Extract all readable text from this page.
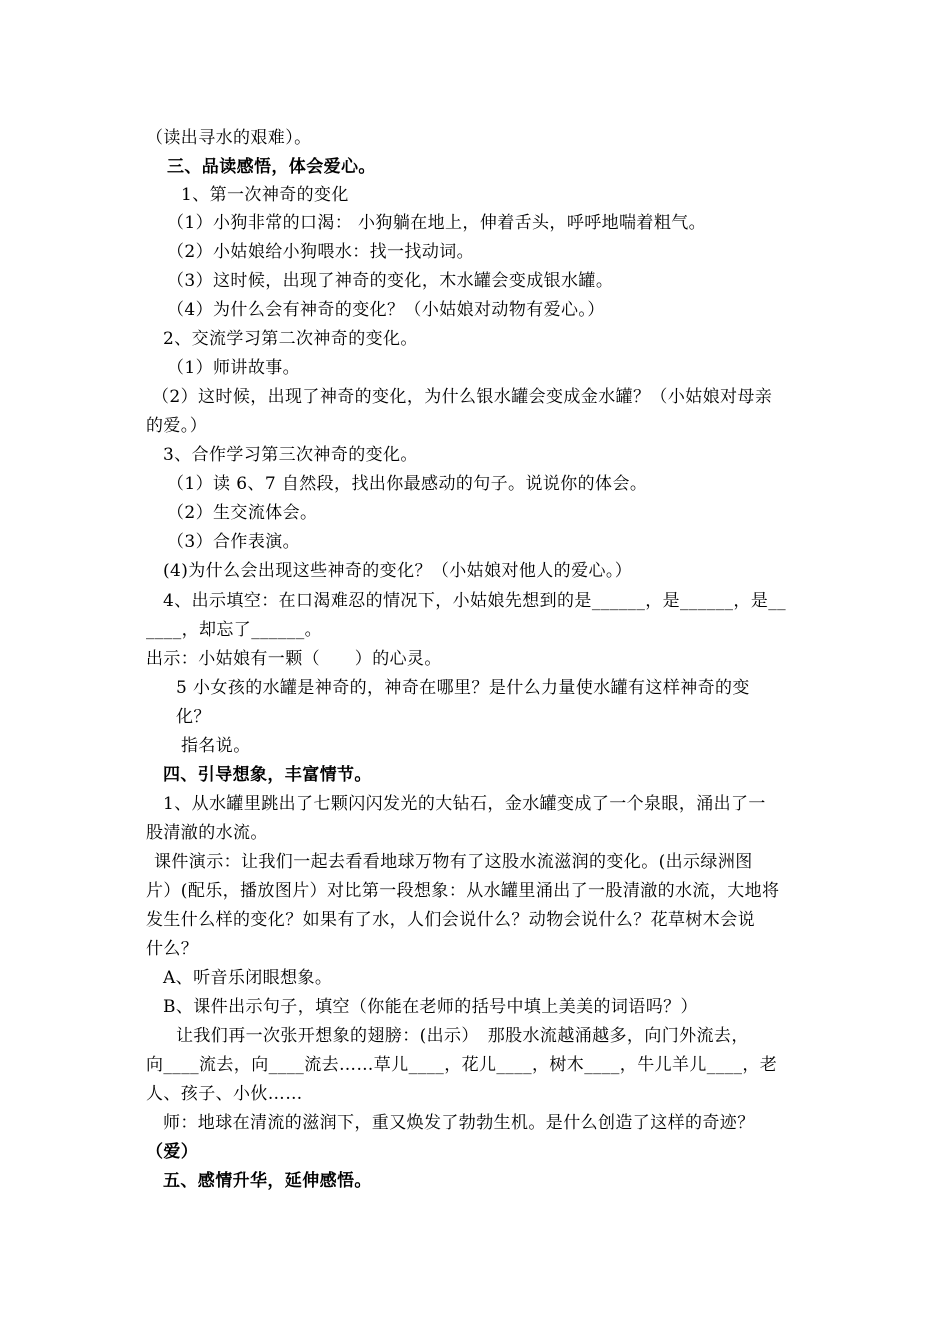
（读出寻水的艰难）。
三、品读感悟，体会爱心。
1、第一次神奇的变化
（1）小狗非常的口渴： 小狗躺在地上，伸着舌头，呼呼地喘着粗气。
（2）小姑娘给小狗喂水：找一找动词。
（3）这时候，出现了神奇的变化，木水罐会变成银水罐。
（4）为什么会有神奇的变化？（小姑娘对动物有爱心。）
2、交流学习第二次神奇的变化。
（1）师讲故事。
（2）这时候，出现了神奇的变化，为什么银水罐会变成金水罐？（小姑娘对母亲
的爱。）
3、合作学习第三次神奇的变化。
（1）读 6、7 自然段，找出你最感动的句子。说说你的体会。
（2）生交流体会。
（3）合作表演。
(4)为什么会出现这些神奇的变化？（小姑娘对他人的爱心。）
4、出示填空：在口渴难忍的情况下，小姑娘先想到的是______，是______，是__
____，却忘了______。
出示：小姑娘有一颗（　　）的心灵。
5 小女孩的水罐是神奇的，神奇在哪里？是什么力量使水罐有这样神奇的变
化？
指名说。
四、引导想象，丰富情节。
1、从水罐里跳出了七颗闪闪发光的大钻石，金水罐变成了一个泉眼，涌出了一
股清澈的水流。
课件演示：让我们一起去看看地球万物有了这股水流滋润的变化。(出示绿洲图
片）(配乐，播放图片）对比第一段想象：从水罐里涌出了一股清澈的水流，大地将
发生什么样的变化？如果有了水，人们会说什么？动物会说什么？花草树木会说
什么？
A、听音乐闭眼想象。
B、课件出示句子，填空（你能在老师的括号中填上美美的词语吗？）
让我们再一次张开想象的翅膀：(出示）　那股水流越涌越多，向门外流去，
向____流去，向____流去……草儿____，花儿____，树木____，牛儿羊儿____，老
人、孩子、小伙……
师：地球在清流的滋润下，重又焕发了勃勃生机。是什么创造了这样的奇迹？
（爱）
五、感情升华，延伸感悟。
